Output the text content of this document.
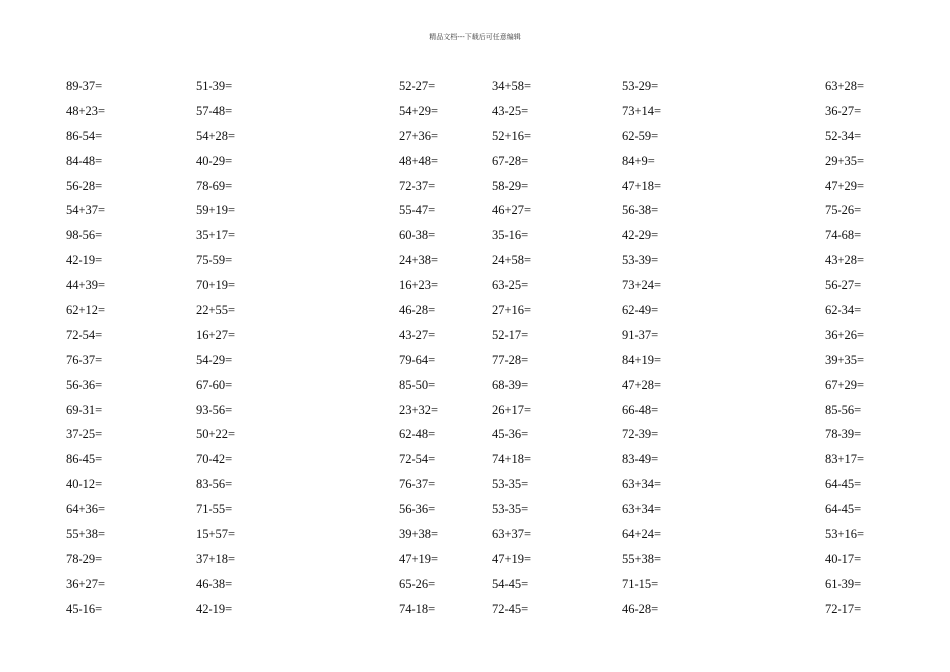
精品文档---下载后可任意编辑
89-37=
48+23=
86-54=
84-48=
56-28=
54+37=
98-56=
42-19=
44+39=
62+12=
72-54=
76-37=
56-36=
69-31=
37-25=
86-45=
40-12=
64+36=
55+38=
78-29=
36+27=
45-16=
51-39=
57-48=
54+28=
40-29=
78-69=
59+19=
35+17=
75-59=
70+19=
22+55=
16+27=
54-29=
67-60=
93-56=
50+22=
70-42=
83-56=
71-55=
15+57=
37+18=
46-38=
42-19=
52-27=
54+29=
27+36=
48+48=
72-37=
55-47=
60-38=
24+38=
16+23=
46-28=
43-27=
79-64=
85-50=
23+32=
62-48=
72-54=
76-37=
56-36=
39+38=
47+19=
65-26=
74-18=
34+58=
43-25=
52+16=
67-28=
58-29=
46+27=
35-16=
24+58=
63-25=
27+16=
52-17=
77-28=
68-39=
26+17=
45-36=
74+18=
53-35=
53-35=
63+37=
47+19=
54-45=
72-45=
53-29=
73+14=
62-59=
84+9=
47+18=
56-38=
42-29=
53-39=
73+24=
62-49=
91-37=
84+19=
47+28=
66-48=
72-39=
83-49=
63+34=
63+34=
64+24=
55+38=
71-15=
46-28=
63+28=
36-27=
52-34=
29+35=
47+29=
75-26=
74-68=
43+28=
56-27=
62-34=
36+26=
39+35=
67+29=
85-56=
78-39=
83+17=
64-45=
64-45=
53+16=
40-17=
61-39=
72-17=
